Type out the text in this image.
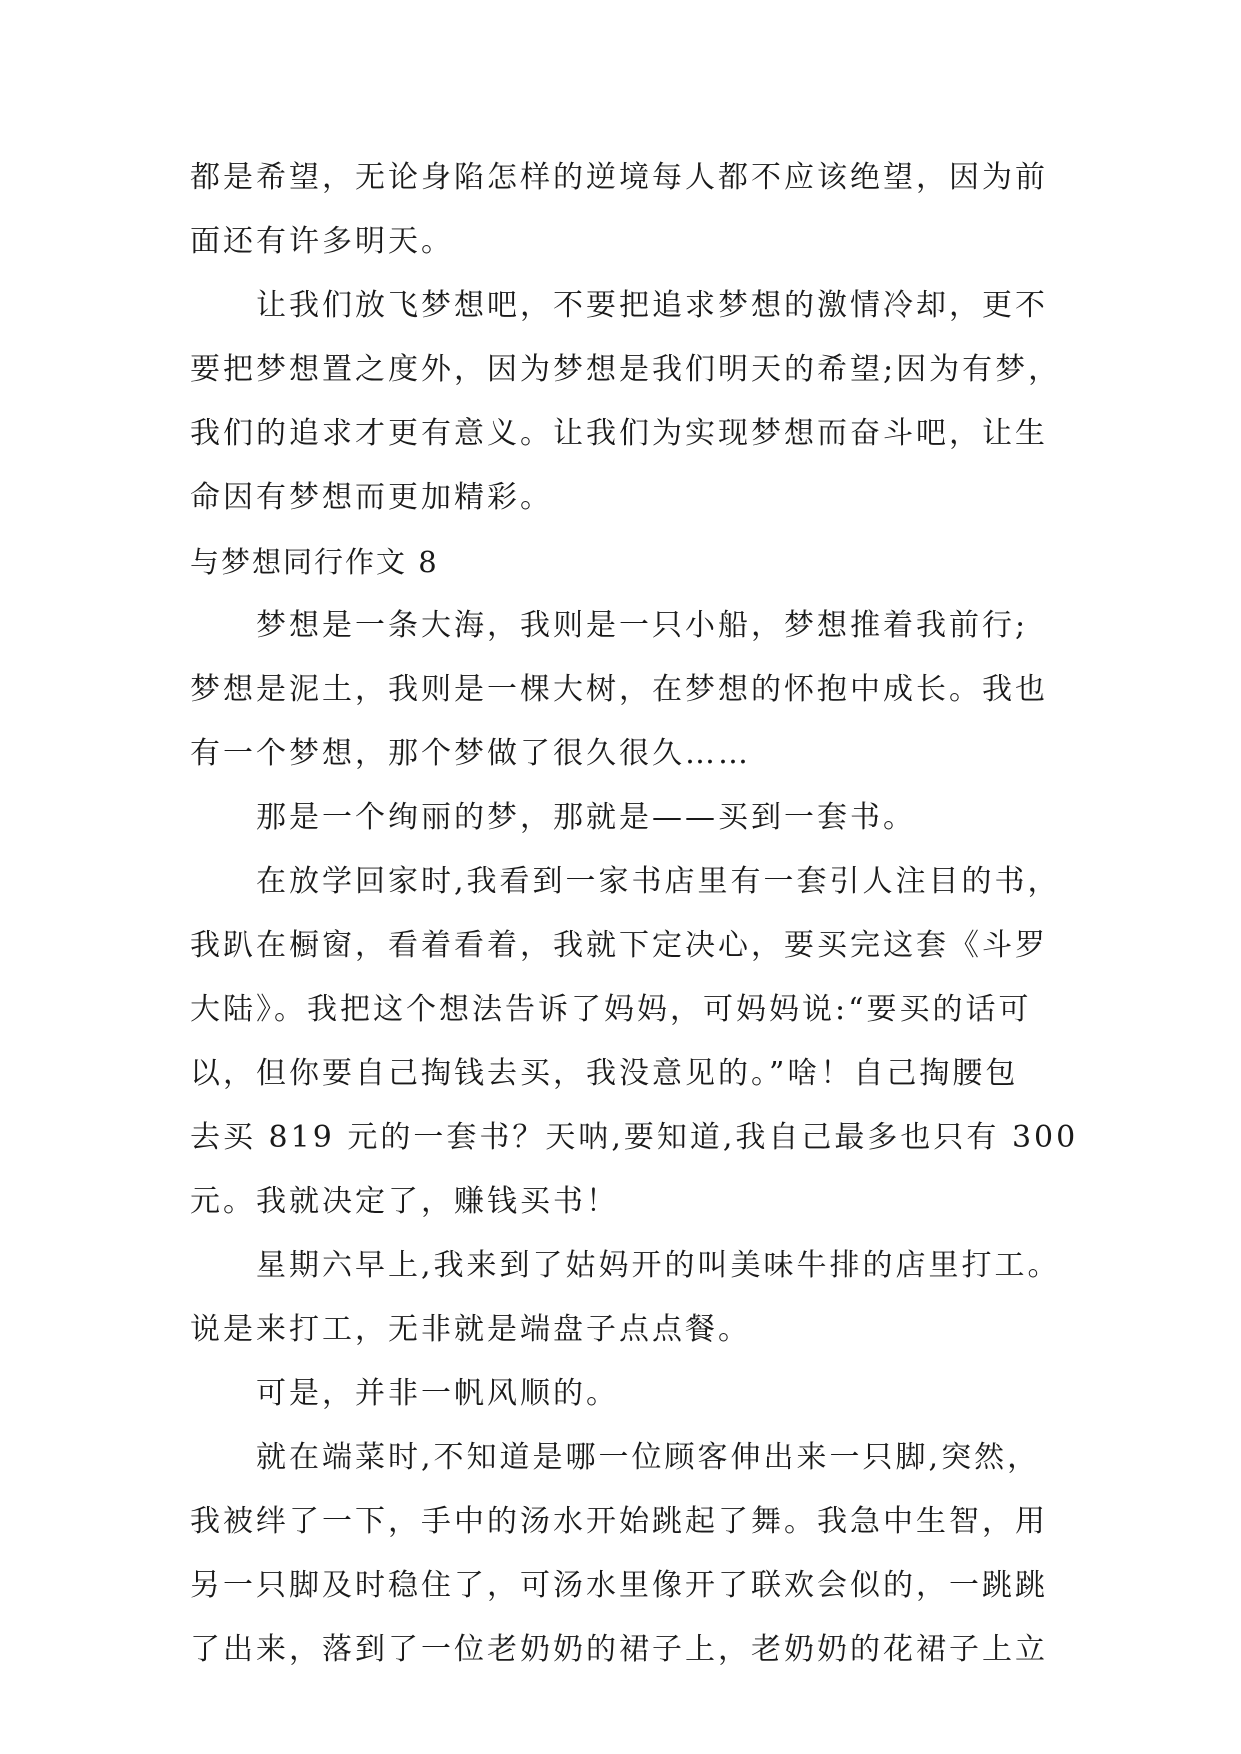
都是希望，无论身陷怎样的逆境每人都不应该绝望，因为前
面还有许多明天。
让我们放飞梦想吧，不要把追求梦想的激情冷却，更不
要把梦想置之度外，因为梦想是我们明天的希望;因为有梦，
我们的追求才更有意义。让我们为实现梦想而奋斗吧，让生
命因有梦想而更加精彩。
与梦想同行作文 8
梦想是一条大海，我则是一只小船，梦想推着我前行;
梦想是泥土，我则是一棵大树，在梦想的怀抱中成长。我也
有一个梦想，那个梦做了很久很久……
那是一个绚丽的梦，那就是——买到一套书。
在放学回家时,我看到一家书店里有一套引人注目的书，
我趴在橱窗，看着看着，我就下定决心，要买完这套《斗罗
大陆》。我把这个想法告诉了妈妈，可妈妈说:“要买的话可
以，但你要自己掏钱去买，我没意见的。”啥！自己掏腰包
去买 819 元的一套书？天呐,要知道,我自己最多也只有 300
元。我就决定了，赚钱买书！
星期六早上,我来到了姑妈开的叫美味牛排的店里打工。
说是来打工，无非就是端盘子点点餐。
可是，并非一帆风顺的。
就在端菜时,不知道是哪一位顾客伸出来一只脚,突然，
我被绊了一下，手中的汤水开始跳起了舞。我急中生智，用
另一只脚及时稳住了，可汤水里像开了联欢会似的，一跳跳
了出来，落到了一位老奶奶的裙子上，老奶奶的花裙子上立
